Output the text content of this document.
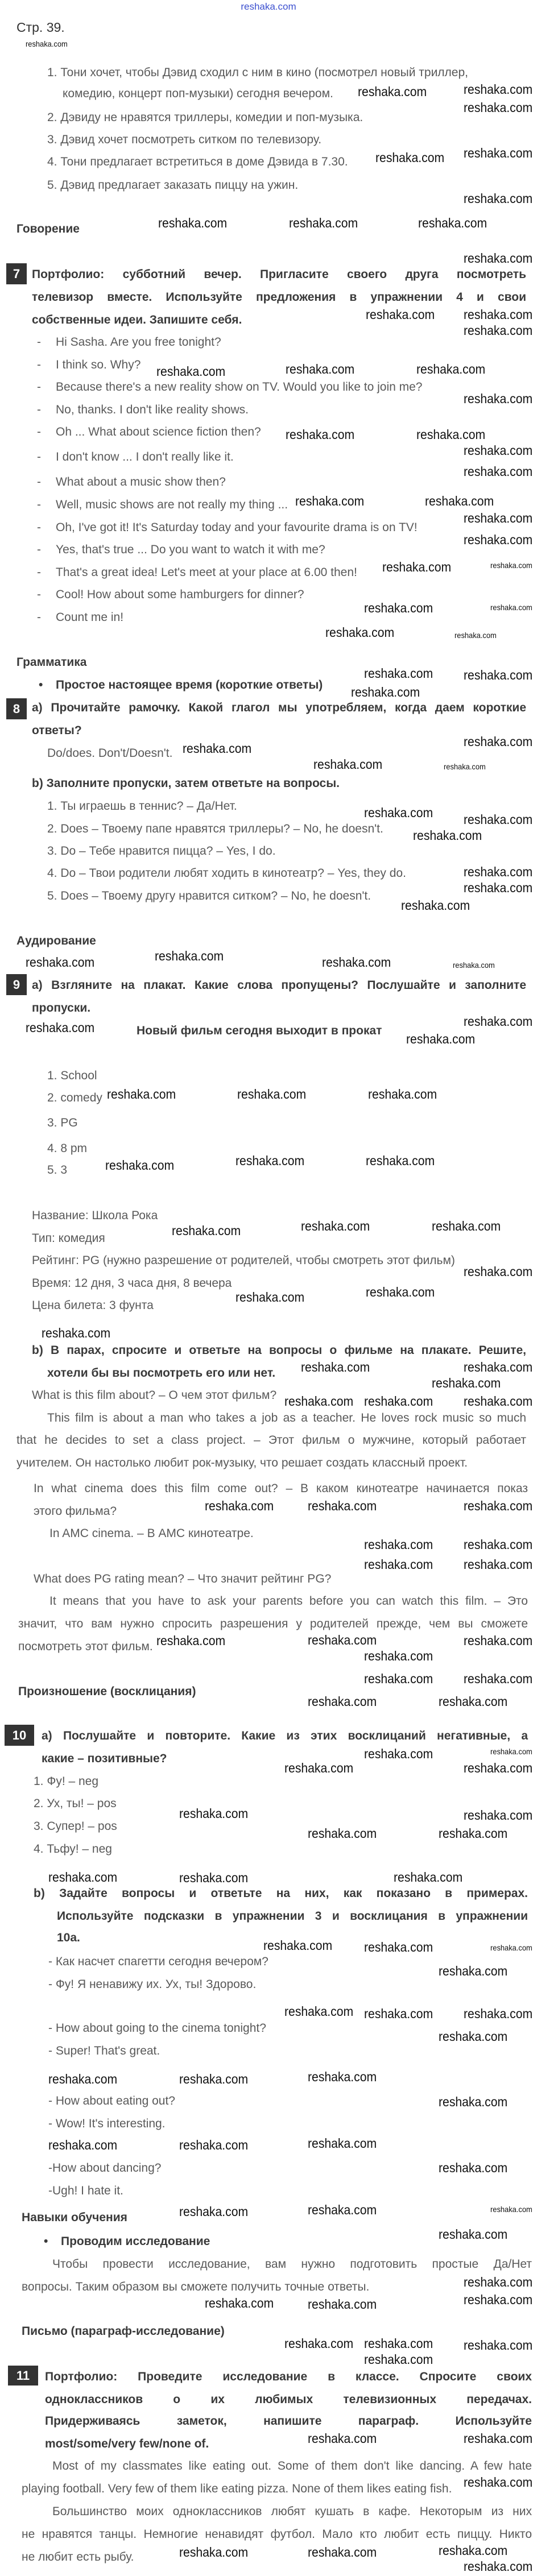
reshaka.com
Стр. 39.
1. Тони хочет, чтобы Дэвид сходил с ним в кино (посмотрел новый триллер,
комедию, концерт поп-музыки) сегодня вечером.
2. Дэвиду не нравятся триллеры, комедии и поп-музыка.
3. Дэвид хочет посмотреть ситком по телевизору.
4. Тони предлагает встретиться в доме Дэвида в 7.30.
5. Дэвид предлагает заказать пиццу на ужин.
Говорение
7 Портфолио: субботний вечер. Пригласите своего друга посмотреть
телевизор вместе. Используйте предложения в упражнении 4 и свои
собственные идеи. Запишите себя.
- Hi Sasha. Are you free tonight?
- I think so. Why?
- Because there's a new reality show on TV. Would you like to join me?
- No, thanks. I don't like reality shows.
- Oh ... What about science fiction then?
- I don't know ... I don't really like it.
- What about a music show then?
- Well, music shows are not really my thing ...
- Oh, I've got it! It's Saturday today and your favourite drama is on TV!
- Yes, that's true ... Do you want to watch it with me?
- That's a great idea! Let's meet at your place at 6.00 then!
- Cool! How about some hamburgers for dinner?
- Count me in!
Грамматика
• Простое настоящее время (короткие ответы)
8 a) Прочитайте рамочку. Какой глагол мы употребляем, когда даем короткие
ответы?
Do/does. Don't/Doesn't.
b) Заполните пропуски, затем ответьте на вопросы.
1. Ты играешь в теннис? – Да/Нет.
2. Does – Твоему папе нравятся триллеры? – No, he doesn't.
3. Do – Тебе нравится пицца? – Yes, I do.
4. Do – Твои родители любят ходить в кинотеатр? – Yes, they do.
5. Does – Твоему другу нравится ситком? – No, he doesn't.
Аудирование
9 a) Взгляните на плакат. Какие слова пропущены? Послушайте и заполните
пропуски.
Новый фильм сегодня выходит в прокат
1. School
2. comedy
3. PG
4. 8 pm
5. 3
Название: Школа Рока
Тип: комедия
Рейтинг: PG (нужно разрешение от родителей, чтобы смотреть этот фильм)
Время: 12 дня, 3 часа дня, 8 вечера
Цена билета: 3 фунта
b) В парах, спросите и ответьте на вопросы о фильме на плакате. Решите,
хотели бы вы посмотреть его или нет.
What is this film about? – О чем этот фильм?
This film is about a man who takes a job as a teacher. He loves rock music so much
that he decides to set a class project. – Этот фильм о мужчине, который работает
учителем. Он настолько любит рок-музыку, что решает создать классный проект.
In what cinema does this film come out? – В каком кинотеатре начинается показ
этого фильма?
In AMC cinema. – В AMC кинотеатре.
What does PG rating mean? – Что значит рейтинг PG?
It means that you have to ask your parents before you can watch this film. – Это
значит, что вам нужно спросить разрешения у родителей прежде, чем вы сможете
посмотреть этот фильм.
Произношение (восклицания)
10	a) Послушайте и повторите. Какие из этих восклицаний негативные, а
какие – позитивные?
1. Фу! – neg
2. Ух, ты! – pos
3. Супер! – pos
4. Тьфу! – neg
b) Задайте вопросы и ответьте на них, как показано в примерах.
Используйте подсказки в упражнении 3 и восклицания в упражнении
10a.
- Как насчет спагетти сегодня вечером?
- Фу! Я ненавижу их. Ух, ты! Здорово.
- How about going to the cinema tonight?
- Super! That's great.
- How about eating out?
- Wow! It's interesting.
-How about dancing?
-Ugh! I hate it.
Навыки обучения
• Проводим исследование
Чтобы провести исследование, вам нужно подготовить простые Да/Нет
вопросы. Таким образом вы сможете получить точные ответы.
Письмо (параграф-исследование)
11	Портфолио: Проведите исследование в классе. Спросите своих
одноклассников о их любимых телевизионных передачах.
Придерживаясь заметок, напишите параграф. Используйте
most/some/very few/none of.
Most of my classmates like eating out. Some of them don't like dancing. A few hate
playing football. Very few of them like eating pizza. None of them likes eating fish.
Большинство моих одноклассников любят кушать в кафе. Некоторым из них
не нравятся танцы. Немногие ненавидят футбол. Мало кто любит есть пиццу. Никто
не любит есть рыбу.
reshaka.com
reshaka.com
reshaka.com
reshaka.com
reshaka.com
reshaka.com
reshaka.com
reshaka.com	reshaka.com	reshaka.com
reshaka.com
reshaka.com
reshaka.com
reshaka.com
reshaka.com	reshaka.com
reshaka.com
reshaka.com
reshaka.com	reshaka.com
reshaka.com
reshaka.com
reshaka.com	reshaka.com
reshaka.com
reshaka.com
reshaka.com
reshaka.com
reshaka.com
reshaka.com
reshaka.com	reshaka.com
reshaka.com
reshaka.com
reshaka.com
reshaka.com
reshaka.com
reshaka.com	reshaka.com
reshaka.com
reshaka.com
reshaka.com
reshaka.com
reshaka.com
reshaka.com
reshaka.com
reshaka.com	reshaka.com	reshaka.com
reshaka.com
reshaka.com
reshaka.com
reshaka.com	reshaka.com	reshaka.com
reshaka.com	reshaka.com	reshaka.com
reshaka.com	reshaka.com
reshaka.com
reshaka.com
reshaka.com	reshaka.com
reshaka.com
reshaka.com
reshaka.com
reshaka.com
reshaka.com
reshaka.com
reshaka.com
reshaka.com
reshaka.com
reshaka.com
reshaka.com
reshaka.com
reshaka.com
reshaka.com
reshaka.com
reshaka.com	reshaka.com
reshaka.com
reshaka.com
reshaka.com
reshaka.com	reshaka.com
reshaka.com
reshaka.com
reshaka.com
reshaka.com
reshaka.com
reshaka.com
reshaka.com	reshaka.com
reshaka.com	reshaka.com	reshaka.com
reshaka.com
reshaka.com
reshaka.com
reshaka.com
reshaka.com
reshaka.com
reshaka.com
reshaka.com
reshaka.com	reshaka.com	reshaka.com
reshaka.com
reshaka.com	reshaka.com	reshaka.com
reshaka.com
reshaka.com
reshaka.com	reshaka.com
reshaka.com
reshaka.com
reshaka.com
reshaka.com
reshaka.com
reshaka.com
reshaka.com
reshaka.com
reshaka.com
reshaka.com
reshaka.com
reshaka.com
reshaka.com
reshaka.com	reshaka.com
reshaka.com
